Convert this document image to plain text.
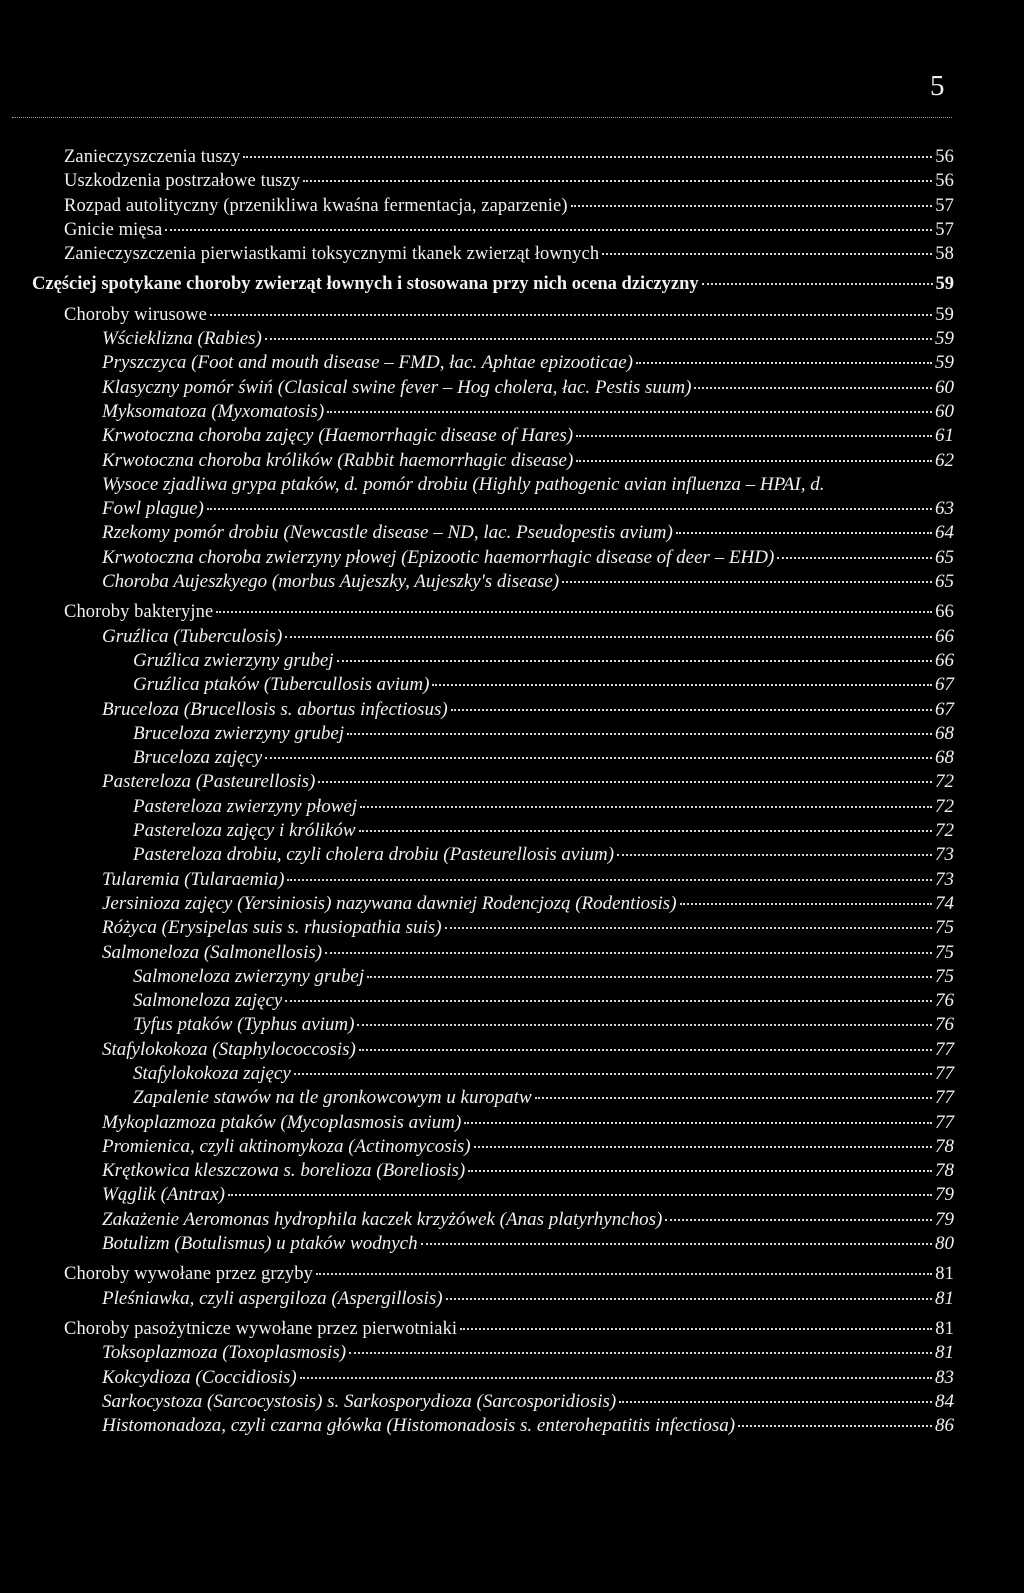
5
Zanieczyszczenia tuszy	56
Uszkodzenia postrzałowe tuszy	56
Rozpad autolityczny (przenikliwa kwaśna fermentacja, zaparzenie)	57
Gnicie mięsa	57
Zanieczyszczenia pierwiastkami toksycznymi tkanek zwierząt łownych	58
Częściej spotykane choroby zwierząt łownych i stosowana przy nich ocena dziczyzny	59
Choroby wirusowe	59
Wścieklizna (Rabies)	59
Pryszczyca (Foot and mouth disease – FMD, łac. Aphtae epizooticae)	59
Klasyczny pomór świń (Clasical swine fever – Hog cholera, łac. Pestis suum)	60
Myksomatoza (Myxomatosis)	60
Krwotoczna choroba zajęcy (Haemorrhagic disease of Hares)	61
Krwotoczna choroba królików (Rabbit haemorrhagic disease)	62
Wysoce zjadliwa grypa ptaków, d. pomór drobiu (Highly pathogenic avian influenza – HPAI, d.
Fowl plague)	63
Rzekomy pomór drobiu (Newcastle disease – ND, lac. Pseudopestis avium)	64
Krwotoczna choroba zwierzyny płowej (Epizootic haemorrhagic disease of deer – EHD)	65
Choroba Aujeszkyego (morbus Aujeszky, Aujeszky's disease)	65
Choroby bakteryjne	66
Gruźlica (Tuberculosis)	66
Gruźlica zwierzyny grubej	66
Gruźlica ptaków (Tubercullosis avium)	67
Bruceloza (Brucellosis s. abortus infectiosus)	67
Bruceloza zwierzyny grubej	68
Bruceloza zajęcy	68
Pastereloza (Pasteurellosis)	72
Pastereloza zwierzyny płowej	72
Pastereloza zajęcy i królików	72
Pastereloza drobiu, czyli cholera drobiu (Pasteurellosis avium)	73
Tularemia (Tularaemia)	73
Jersinioza zajęcy (Yersiniosis) nazywana dawniej Rodencjozą (Rodentiosis)	74
Różyca (Erysipelas suis s. rhusiopathia suis)	75
Salmoneloza (Salmonellosis)	75
Salmoneloza zwierzyny grubej	75
Salmoneloza zajęcy	76
Tyfus ptaków (Typhus avium)	76
Stafylokokoza (Staphylococcosis)	77
Stafylokokoza zajęcy	77
Zapalenie stawów na tle gronkowcowym u kuropatw	77
Mykoplazmoza ptaków (Mycoplasmosis avium)	77
Promienica, czyli aktinomykoza (Actinomycosis)	78
Krętkowica kleszczowa s. borelioza (Boreliosis)	78
Wąglik (Antrax)	79
Zakażenie Aeromonas hydrophila kaczek krzyżówek (Anas platyrhynchos)	79
Botulizm (Botulismus) u ptaków wodnych	80
Choroby wywołane przez grzyby	81
Pleśniawka, czyli aspergiloza (Aspergillosis)	81
Choroby pasożytnicze wywołane przez pierwotniaki	81
Toksoplazmoza (Toxoplasmosis)	81
Kokcydioza (Coccidiosis)	83
Sarkocystoza (Sarcocystosis) s. Sarkosporydioza (Sarcosporidiosis)	84
Histomonadoza, czyli czarna główka (Histomonadosis s. enterohepatitis infectiosa)	86
